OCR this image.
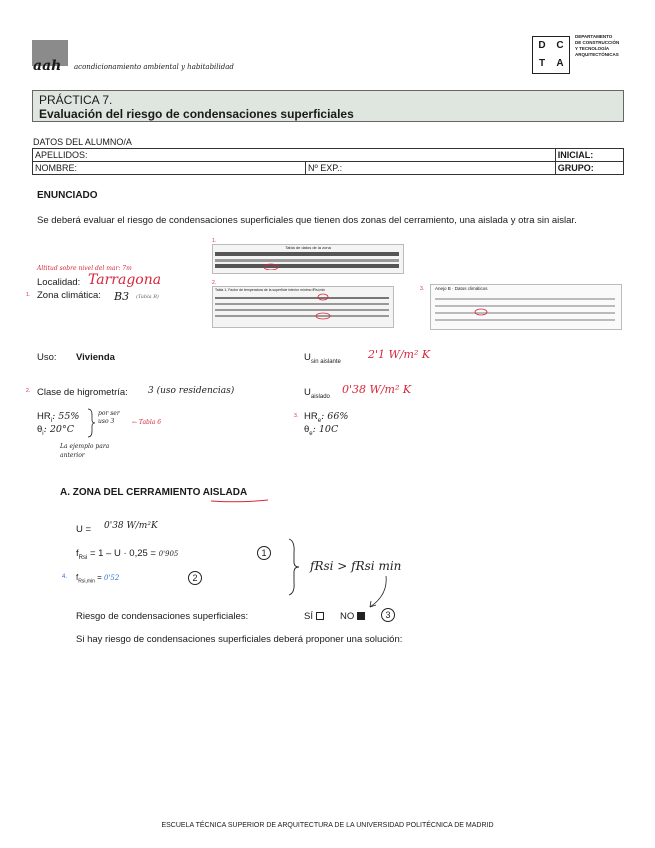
aah acondicionamiento ambiental y habitabilidad
D	C
T	A
DEPARTAMENTO
DE CONSTRUCCIÓN
Y TECNOLOGÍA
ARQUITECTÓNICAS
PRÁCTICA 7.
Evaluación del riesgo de condensaciones superficiales
DATOS DEL ALUMNO/A
APELLIDOS:		INICIAL:
NOMBRE:	Nº EXP.:	GRUPO:
ENUNCIADO
Se deberá evaluar el riesgo de condensaciones superficiales que tienen dos zonas del cerramiento, una aislada y otra sin aislar.
Altitud sobre nivel del mar: 7m
Localidad: Tarragona
1. Zona climática: B3 (Tabla B)
Tabla de datos de la zona
1.
Tabla 1. Factor de temperatura de la superficie interior mínimo fRsi,min
2.
Anejo B · Datos climáticos
3.
Uso: Vivienda	$U_{sin aislante}$
2'1 W/m² K
2. Clase de higrometría: 3 (uso residencias)	$U_{aislado}$
0'38 W/m² K
$HR_i$: 55%
$\theta_i$: 20°C
por ser uso 3	← Tabla 6
La ejemplo para anterior
3. $HR_e$: 66%
$\theta_e$: 10C
A. ZONA DEL CERRAMIENTO AISLADA
U = 0'38 W/m²K
$f_{Rsi} = 1 - U \cdot 0,25 = 0'905$	1
4. $f_{Rsi,min} = 0'52$	2
fRsi > fRsi min
Riesgo de condensaciones superficiales:	SÍ	NO	3
Si hay riesgo de condensaciones superficiales deberá proponer una solución:
ESCUELA TÉCNICA SUPERIOR DE ARQUITECTURA DE LA UNIVERSIDAD POLITÉCNICA DE MADRID
